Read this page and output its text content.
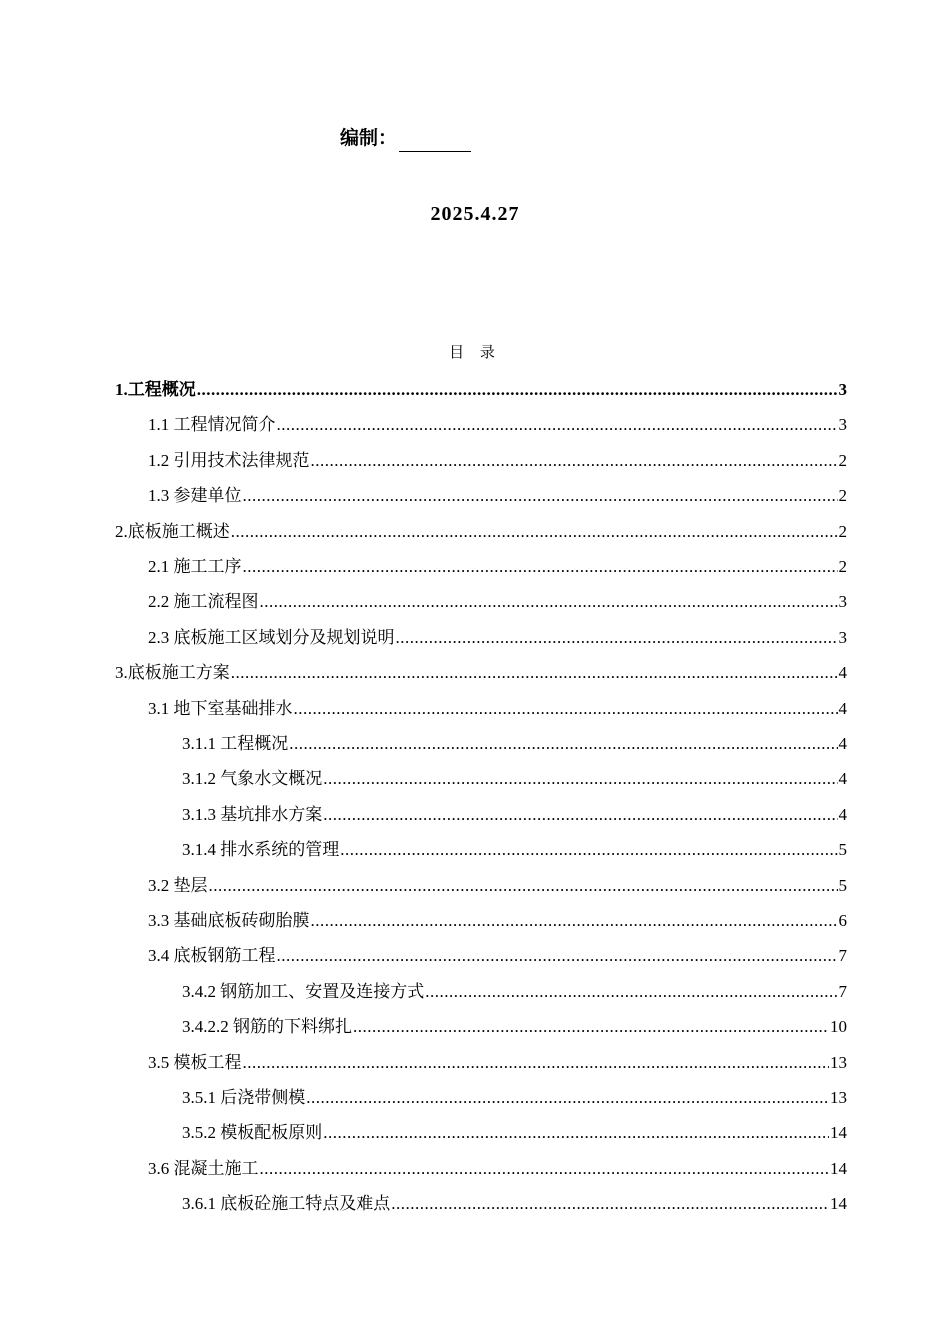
编制：
2025.4.27
目 录
1.工程概况 .....	3
1.1 工程情况简介 .....	3
1.2 引用技术法律规范 .....	2
1.3 参建单位 .....	2
2.底板施工概述 .....	2
2.1 施工工序 .....	2
2.2 施工流程图 .....	3
2.3 底板施工区域划分及规划说明 .....	3
3.底板施工方案 .....	4
3.1 地下室基础排水 .....	4
3.1.1 工程概况 .....	4
3.1.2 气象水文概况 .....	4
3.1.3 基坑排水方案 .....	4
3.1.4 排水系统的管理 .....	5
3.2 垫层 .....	5
3.3 基础底板砖砌胎膜 .....	6
3.4 底板钢筋工程 .....	7
3.4.2 钢筋加工、安置及连接方式 .....	7
3.4.2.2 钢筋的下料绑扎 .....	10
3.5 模板工程 .....	13
3.5.1 后浇带侧模 .....	13
3.5.2 模板配板原则 .....	14
3.6 混凝土施工 .....	14
3.6.1 底板砼施工特点及难点 .....	14
